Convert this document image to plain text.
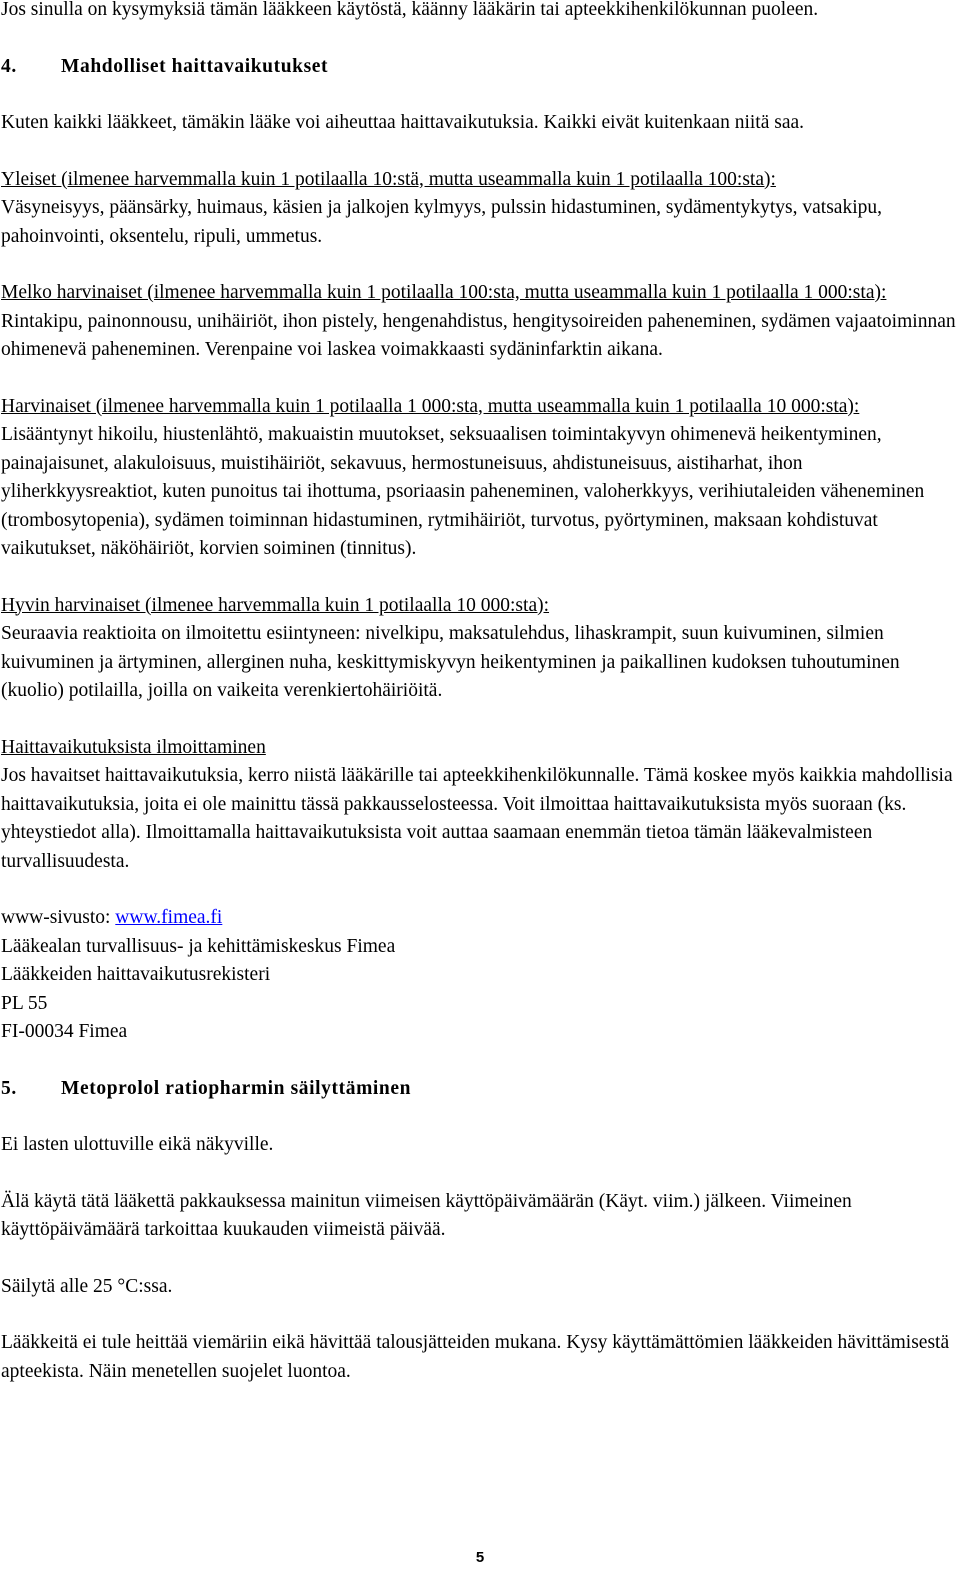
Jos sinulla on kysymyksiä tämän lääkkeen käytöstä, käänny lääkärin tai apteekkihenkilökunnan puoleen.

4. Mahdolliset haittavaikutukset

Kuten kaikki lääkkeet, tämäkin lääke voi aiheuttaa haittavaikutuksia. Kaikki eivät kuitenkaan niitä saa.

Yleiset (ilmenee harvemmalla kuin 1 potilaalla 10:stä, mutta useammalla kuin 1 potilaalla 100:sta):

Väsyneisyys, päänsärky, huimaus, käsien ja jalkojen kylmyys, pulssin hidastuminen, sydämentykytys, vatsakipu, pahoinvointi, oksentelu, ripuli, ummetus.

Melko harvinaiset (ilmenee harvemmalla kuin 1 potilaalla 100:sta, mutta useammalla kuin 1 potilaalla 1 000:sta):

Rintakipu, painonnousu, unihäiriöt, ihon pistely, hengenahdistus, hengitysoireiden paheneminen, sydämen vajaatoiminnan ohimenevä paheneminen. Verenpaine voi laskea voimakkaasti sydäninfarktin aikana.

Harvinaiset (ilmenee harvemmalla kuin 1 potilaalla 1 000:sta, mutta useammalla kuin 1 potilaalla 10 000:sta):

Lisääntynyt hikoilu, hiustenlähtö, makuaistin muutokset, seksuaalisen toimintakyvyn ohimenevä heikentyminen, painajaisunet, alakuloisuus, muistihäiriöt, sekavuus, hermostuneisuus, ahdistuneisuus, aistiharhat, ihon yliherkkyysreaktiot, kuten punoitus tai ihottuma, psoriaasin paheneminen, valoherkkyys, verihiutaleiden väheneminen (trombosytopenia), sydämen toiminnan hidastuminen, rytmihäiriöt, turvotus, pyörtyminen, maksaan kohdistuvat vaikutukset, näköhäiriöt, korvien soiminen (tinnitus).

Hyvin harvinaiset (ilmenee harvemmalla kuin 1 potilaalla 10 000:sta):

Seuraavia reaktioita on ilmoitettu esiintyneen: nivelkipu, maksatulehdus, lihaskrampit, suun kuivuminen, silmien kuivuminen ja ärtyminen, allerginen nuha, keskittymiskyvyn heikentyminen ja paikallinen kudoksen tuhoutuminen (kuolio) potilailla, joilla on vaikeita verenkiertohäiriöitä.

Haittavaikutuksista ilmoittaminen

Jos havaitset haittavaikutuksia, kerro niistä lääkärille tai apteekkihenkilökunnalle. Tämä koskee myös kaikkia mahdollisia haittavaikutuksia, joita ei ole mainittu tässä pakkausselosteessa. Voit ilmoittaa haittavaikutuksista myös suoraan (ks. yhteystiedot alla). Ilmoittamalla haittavaikutuksista voit auttaa saamaan enemmän tietoa tämän lääkevalmisteen turvallisuudesta.

www-sivusto: www.fimea.fi

Lääkealan turvallisuus- ja kehittämiskeskus Fimea

Lääkkeiden haittavaikutusrekisteri

PL 55

FI-00034 Fimea

5. Metoprolol ratiopharmin säilyttäminen

Ei lasten ulottuville eikä näkyville.

Älä käytä tätä lääkettä pakkauksessa mainitun viimeisen käyttöpäivämäärän (Käyt. viim.) jälkeen. Viimeinen käyttöpäivämäärä tarkoittaa kuukauden viimeistä päivää.

Säilytä alle 25 °C:ssa.

Lääkkeitä ei tule heittää viemäriin eikä hävittää talousjätteiden mukana. Kysy käyttämättömien lääkkeiden hävittämisestä apteekista. Näin menetellen suojelet luontoa.

5
